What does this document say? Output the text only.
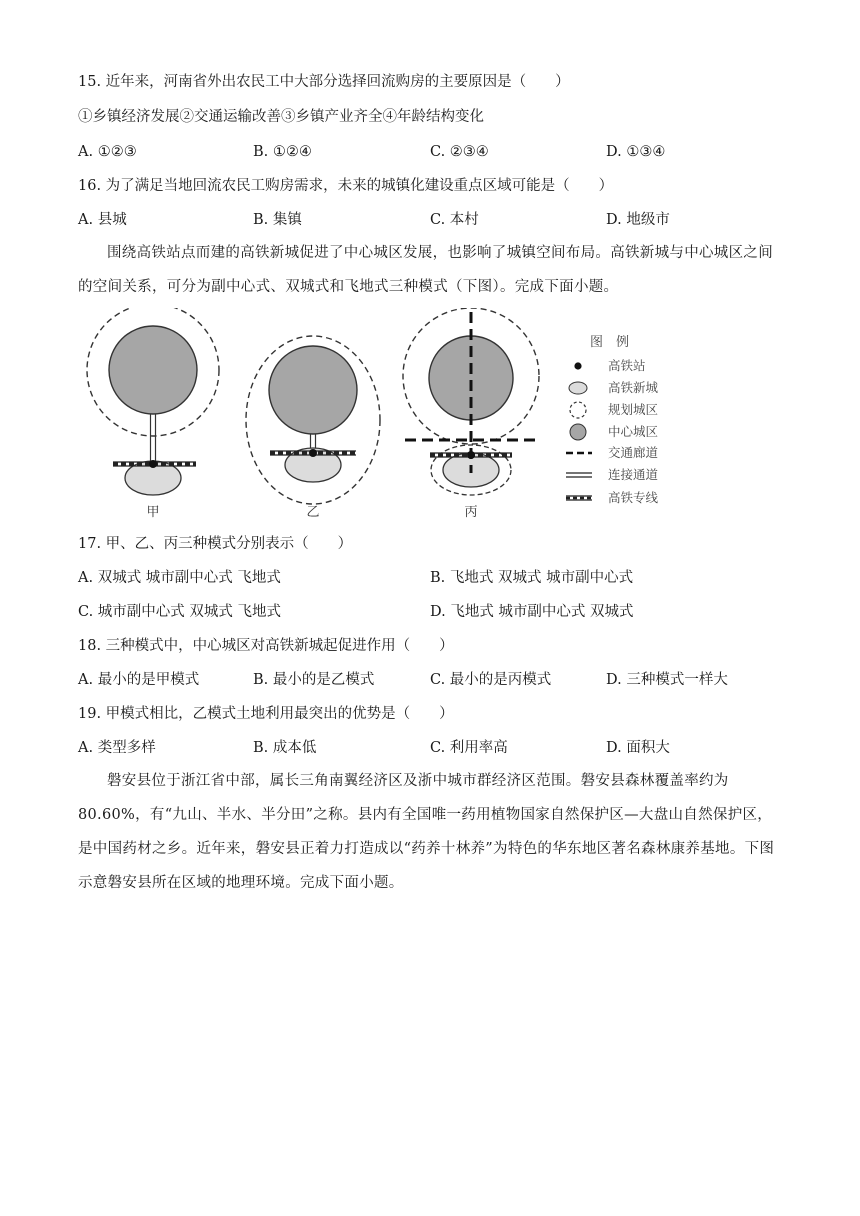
15. 近年来，河南省外出农民工中大部分选择回流购房的主要原因是（　　）
①乡镇经济发展②交通运输改善③乡镇产业齐全④年龄结构变化
A. ①②③	B. ①②④	C. ②③④	D. ①③④
16. 为了满足当地回流农民工购房需求，未来的城镇化建设重点区域可能是（　　）
A. 县城	B. 集镇	C. 本村	D. 地级市
围绕高铁站点而建的高铁新城促进了中心城区发展，也影响了城镇空间布局。高铁新城与中心城区之间的空间关系，可分为副中心式、双城式和飞地式三种模式（下图）。完成下面小题。
甲	乙	丙
图　例
高铁站
高铁新城
规划城区
中心城区
交通廊道
连接通道
高铁专线
17. 甲、乙、丙三种模式分别表示（　　）
A. 双城式 城市副中心式 飞地式	B. 飞地式 双城式 城市副中心式
C. 城市副中心式 双城式 飞地式	D. 飞地式 城市副中心式 双城式
18. 三种模式中，中心城区对高铁新城起促进作用（　　）
A. 最小的是甲模式	B. 最小的是乙模式	C. 最小的是丙模式	D. 三种模式一样大
19. 甲模式相比，乙模式土地利用最突出的优势是（　　）
A. 类型多样	B. 成本低	C. 利用率高	D. 面积大
磐安县位于浙江省中部，属长三角南翼经济区及浙中城市群经济区范围。磐安县森林覆盖率约为80.60%，有“九山、半水、半分田”之称。县内有全国唯一药用植物国家自然保护区—大盘山自然保护区，是中国药材之乡。近年来，磐安县正着力打造成以“药养十林养”为特色的华东地区著名森林康养基地。下图示意磐安县所在区域的地理环境。完成下面小题。
